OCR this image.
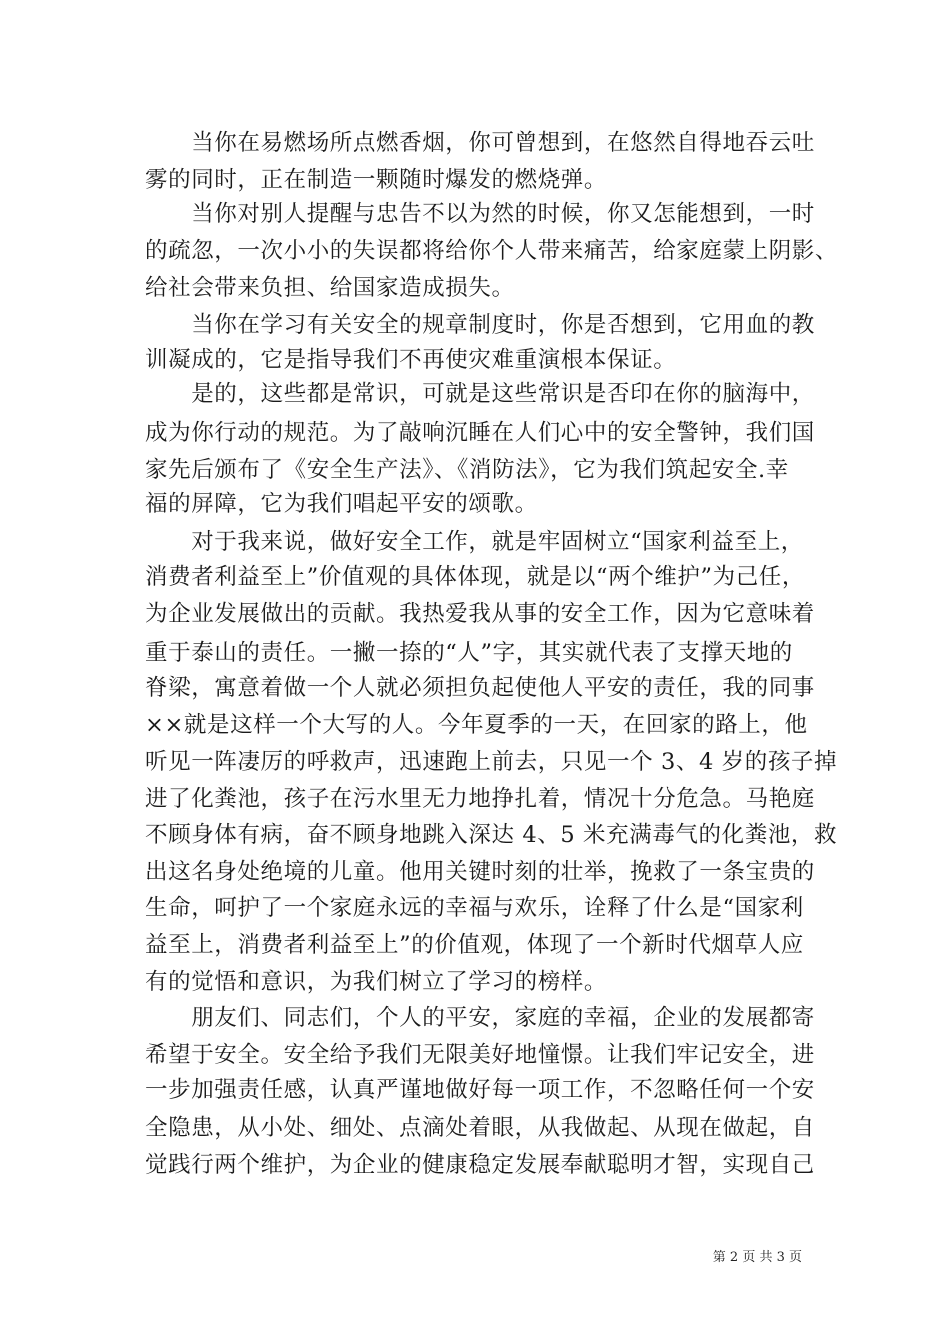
　　当你在易燃场所点燃香烟，你可曾想到，在悠然自得地吞云吐
雾的同时，正在制造一颗随时爆发的燃烧弹。
　　当你对别人提醒与忠告不以为然的时候，你又怎能想到，一时
的疏忽，一次小小的失误都将给你个人带来痛苦，给家庭蒙上阴影、
给社会带来负担、给国家造成损失。
　　当你在学习有关安全的规章制度时，你是否想到，它用血的教
训凝成的，它是指导我们不再使灾难重演根本保证。
　　是的，这些都是常识，可就是这些常识是否印在你的脑海中，
成为你行动的规范。为了敲响沉睡在人们心中的安全警钟，我们国
家先后颁布了《安全生产法》、《消防法》，它为我们筑起安全.幸
福的屏障，它为我们唱起平安的颂歌。
　　对于我来说，做好安全工作，就是牢固树立“国家利益至上，
消费者利益至上”价值观的具体体现，就是以“两个维护”为己任，
为企业发展做出的贡献。我热爱我从事的安全工作，因为它意味着
重于泰山的责任。一撇一捺的“人”字，其实就代表了支撑天地的
脊梁，寓意着做一个人就必须担负起使他人平安的责任，我的同事
××就是这样一个大写的人。今年夏季的一天，在回家的路上，他
听见一阵凄厉的呼救声，迅速跑上前去，只见一个 3、4 岁的孩子掉
进了化粪池，孩子在污水里无力地挣扎着，情况十分危急。马艳庭
不顾身体有病，奋不顾身地跳入深达 4、5 米充满毒气的化粪池，救
出这名身处绝境的儿童。他用关键时刻的壮举，挽救了一条宝贵的
生命，呵护了一个家庭永远的幸福与欢乐，诠释了什么是“国家利
益至上，消费者利益至上”的价值观，体现了一个新时代烟草人应
有的觉悟和意识，为我们树立了学习的榜样。
　　朋友们、同志们，个人的平安，家庭的幸福，企业的发展都寄
希望于安全。安全给予我们无限美好地憧憬。让我们牢记安全，进
一步加强责任感，认真严谨地做好每一项工作，不忽略任何一个安
全隐患，从小处、细处、点滴处着眼，从我做起、从现在做起，自
觉践行两个维护，为企业的健康稳定发展奉献聪明才智，实现自己
第 2 页 共 3 页
